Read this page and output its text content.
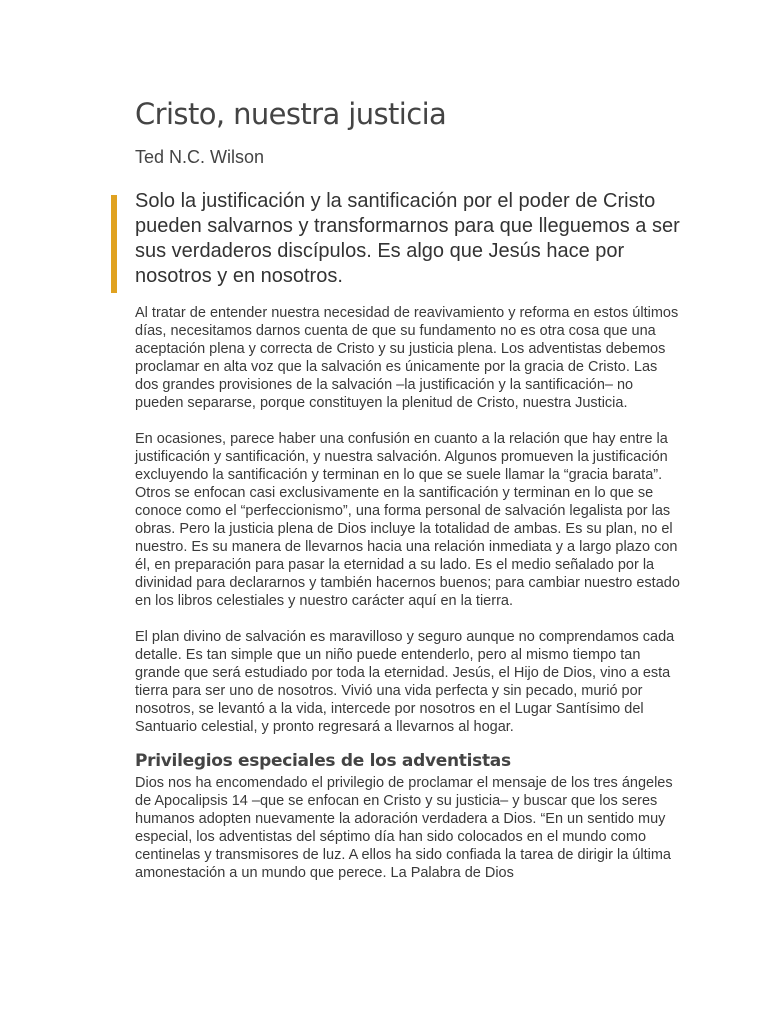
Cristo, nuestra justicia

Ted N.C. Wilson

Solo la justificación y la santificación por el poder de Cristo pueden salvarnos y transformarnos para que lleguemos a ser sus verdaderos discípulos. Es algo que Jesús hace por nosotros y en nosotros.

Al tratar de entender nuestra necesidad de reavivamiento y reforma en estos últimos días, necesitamos darnos cuenta de que su fundamento no es otra cosa que una aceptación plena y correcta de Cristo y su justicia plena. Los adventistas debemos proclamar en alta voz que la salvación es únicamente por la gracia de Cristo. Las dos grandes provisiones de la salvación –la justificación y la santificación– no pueden separarse, porque constituyen la plenitud de Cristo, nuestra Justicia.

En ocasiones, parece haber una confusión en cuanto a la relación que hay entre la justificación y santificación, y nuestra salvación. Algunos promueven la justificación excluyendo la santificación y terminan en lo que se suele llamar la “gracia barata”. Otros se enfocan casi exclusivamente en la santificación y terminan en lo que se conoce como el “perfeccionismo”, una forma personal de salvación legalista por las obras. Pero la justicia plena de Dios incluye la totalidad de ambas. Es su plan, no el nuestro. Es su manera de llevarnos hacia una relación inmediata y a largo plazo con él, en preparación para pasar la eternidad a su lado. Es el medio señalado por la divinidad para declararnos y también hacernos buenos; para cambiar nuestro estado en los libros celestiales y nuestro carácter aquí en la tierra.

El plan divino de salvación es maravilloso y seguro aunque no comprendamos cada detalle. Es tan simple que un niño puede entenderlo, pero al mismo tiempo tan grande que será estudiado por toda la eternidad. Jesús, el Hijo de Dios, vino a esta tierra para ser uno de nosotros. Vivió una vida perfecta y sin pecado, murió por nosotros, se levantó a la vida, intercede por nosotros en el Lugar Santísimo del Santuario celestial, y pronto regresará a llevarnos al hogar.

Privilegios especiales de los adventistas

Dios nos ha encomendado el privilegio de proclamar el mensaje de los tres ángeles de Apocalipsis 14 –que se enfocan en Cristo y su justicia– y buscar que los seres humanos adopten nuevamente la adoración verdadera a Dios. “En un sentido muy especial, los adventistas del séptimo día han sido colocados en el mundo como centinelas y transmisores de luz. A ellos ha sido confiada la tarea de dirigir la última amonestación a un mundo que perece. La Palabra de Dios
